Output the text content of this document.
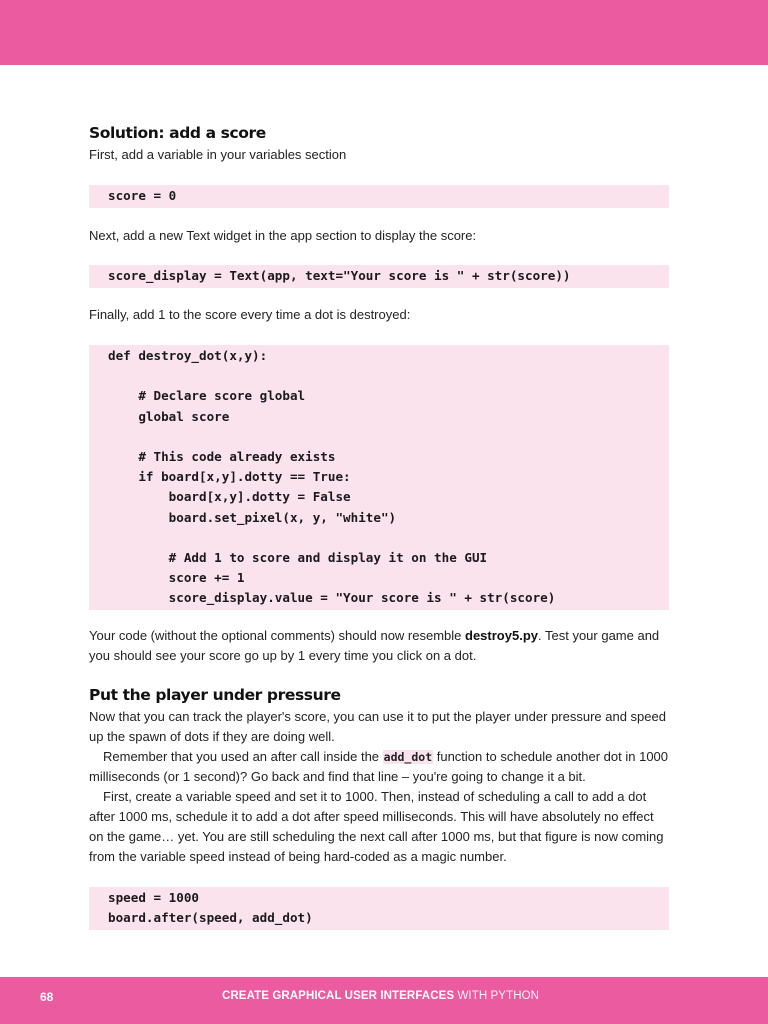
Solution: add a score

First, add a variable in your variables section

score = 0

Next, add a new Text widget in the app section to display the score:

score_display = Text(app, text="Your score is " + str(score))

Finally, add 1 to the score every time a dot is destroyed:

def destroy_dot(x,y):

# Declare score global
global score

# This code already exists
if board[x,y].dotty == True:
board[x,y].dotty = False
board.set_pixel(x, y, "white")

# Add 1 to score and display it on the GUI
score += 1
score_display.value = "Your score is " + str(score)

Your code (without the optional comments) should now resemble destroy5.py. Test your game and you should see your score go up by 1 every time you click on a dot.

Put the player under pressure

Now that you can track the player's score, you can use it to put the player under pressure and speed up the spawn of dots if they are doing well.

Remember that you used an after call inside the add_dot function to schedule another dot in 1000 milliseconds (or 1 second)? Go back and find that line – you're going to change it a bit.

First, create a variable speed and set it to 1000. Then, instead of scheduling a call to add a dot after 1000 ms, schedule it to add a dot after speed milliseconds. This will have absolutely no effect on the game… yet. You are still scheduling the next call after 1000 ms, but that figure is now coming from the variable speed instead of being hard-coded as a magic number.

speed = 1000
board.after(speed, add_dot)
68	CREATE GRAPHICAL USER INTERFACES WITH PYTHON
